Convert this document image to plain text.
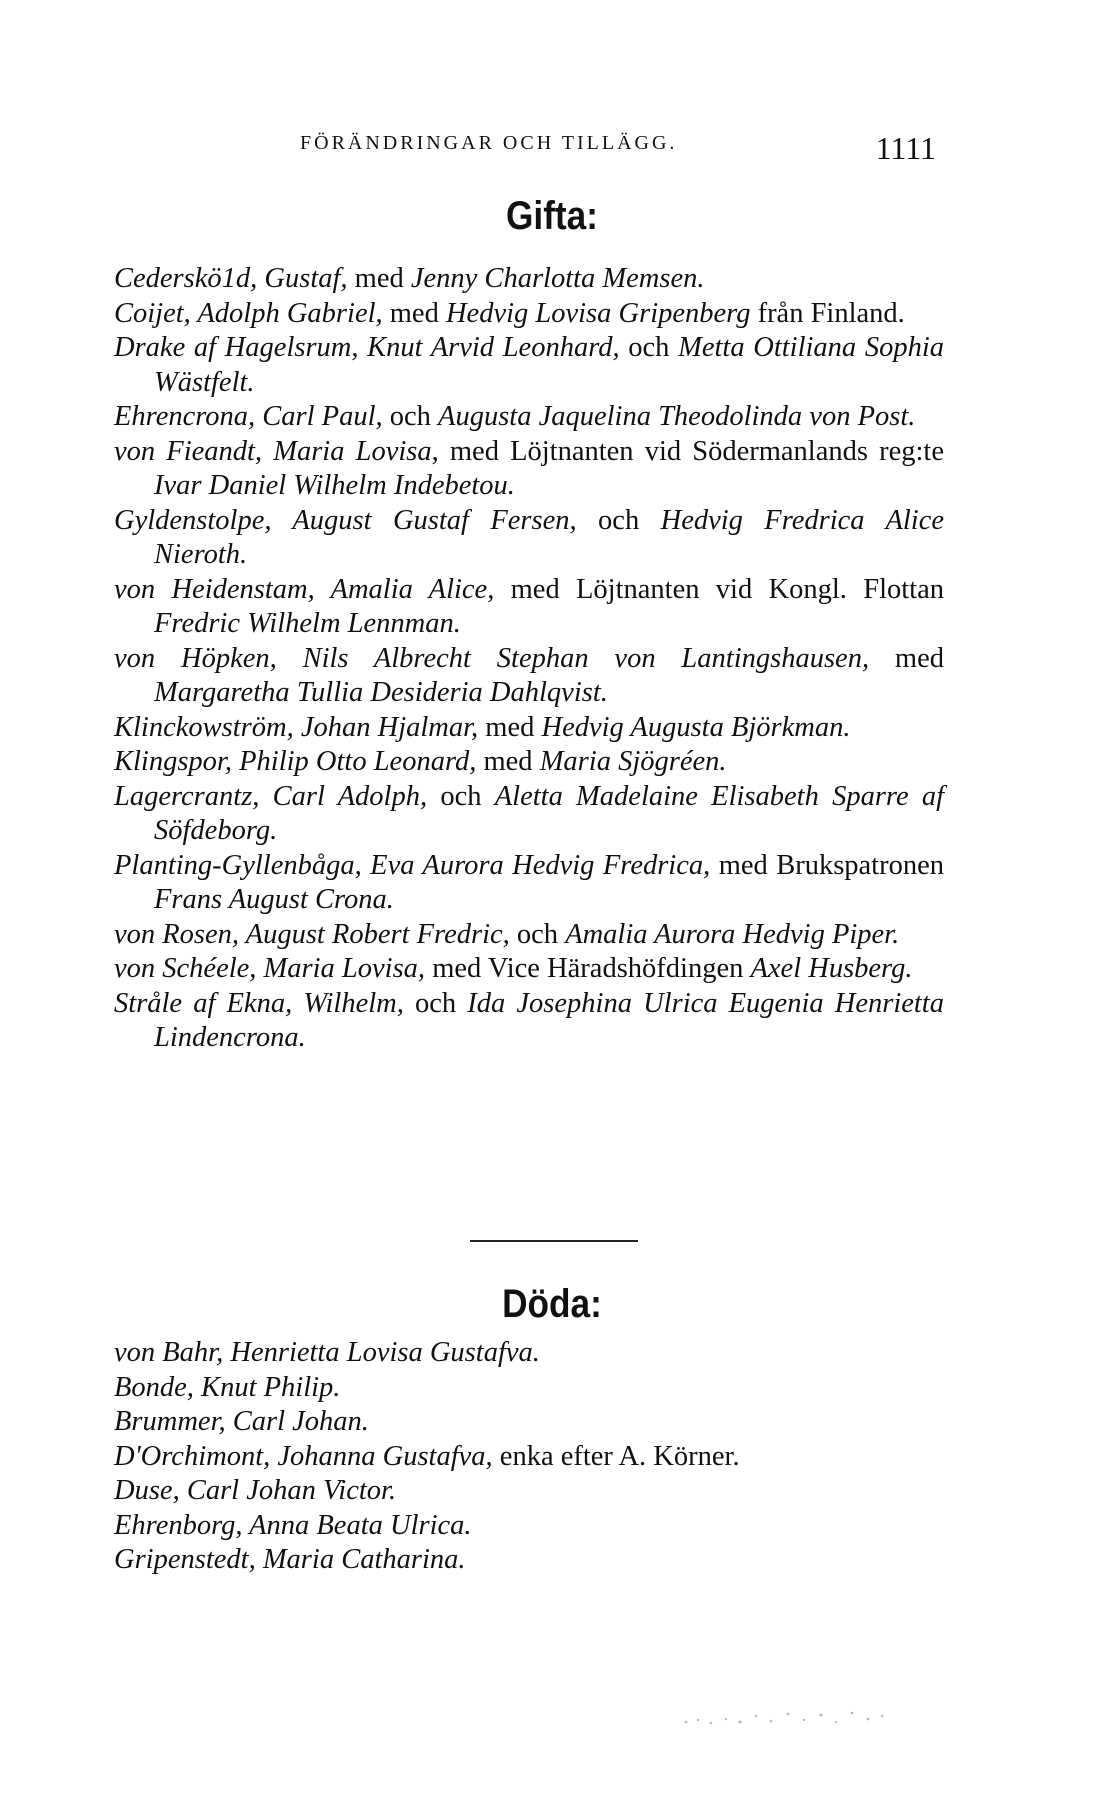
FÖRÄNDRINGAR OCH TILLÄGG.	1111
Gifta:
Cederskö1d, Gustaf, med Jenny Charlotta Memsen.
Coijet, Adolph Gabriel, med Hedvig Lovisa Gripenberg från Finland.
Drake af Hagelsrum, Knut Arvid Leonhard, och Metta Ottiliana Sophia Wästfelt.
Ehrencrona, Carl Paul, och Augusta Jaquelina Theodolinda von Post.
von Fieandt, Maria Lovisa, med Löjtnanten vid Södermanlands reg:te Ivar Daniel Wilhelm Indebetou.
Gyldenstolpe, August Gustaf Fersen, och Hedvig Fredrica Alice Nieroth.
von Heidenstam, Amalia Alice, med Löjtnanten vid Kongl. Flottan Fredric Wilhelm Lennman.
von Höpken, Nils Albrecht Stephan von Lantingshausen, med Margaretha Tullia Desideria Dahlqvist.
Klinckowström, Johan Hjalmar, med Hedvig Augusta Björkman.
Klingspor, Philip Otto Leonard, med Maria Sjögréen.
Lagercrantz, Carl Adolph, och Aletta Madelaine Elisabeth Sparre af Söfdeborg.
Planting-Gyllenbåga, Eva Aurora Hedvig Fredrica, med Brukspatronen Frans August Crona.
von Rosen, August Robert Fredric, och Amalia Aurora Hedvig Piper.
von Schéele, Maria Lovisa, med Vice Häradshöfdingen Axel Husberg.
Stråle af Ekna, Wilhelm, och Ida Josephina Ulrica Eugenia Henrietta Lindencrona.
Döda:
von Bahr, Henrietta Lovisa Gustafva.
Bonde, Knut Philip.
Brummer, Carl Johan.
D'Orchimont, Johanna Gustafva, enka efter A. Körner.
Duse, Carl Johan Victor.
Ehrenborg, Anna Beata Ulrica.
Gripenstedt, Maria Catharina.
